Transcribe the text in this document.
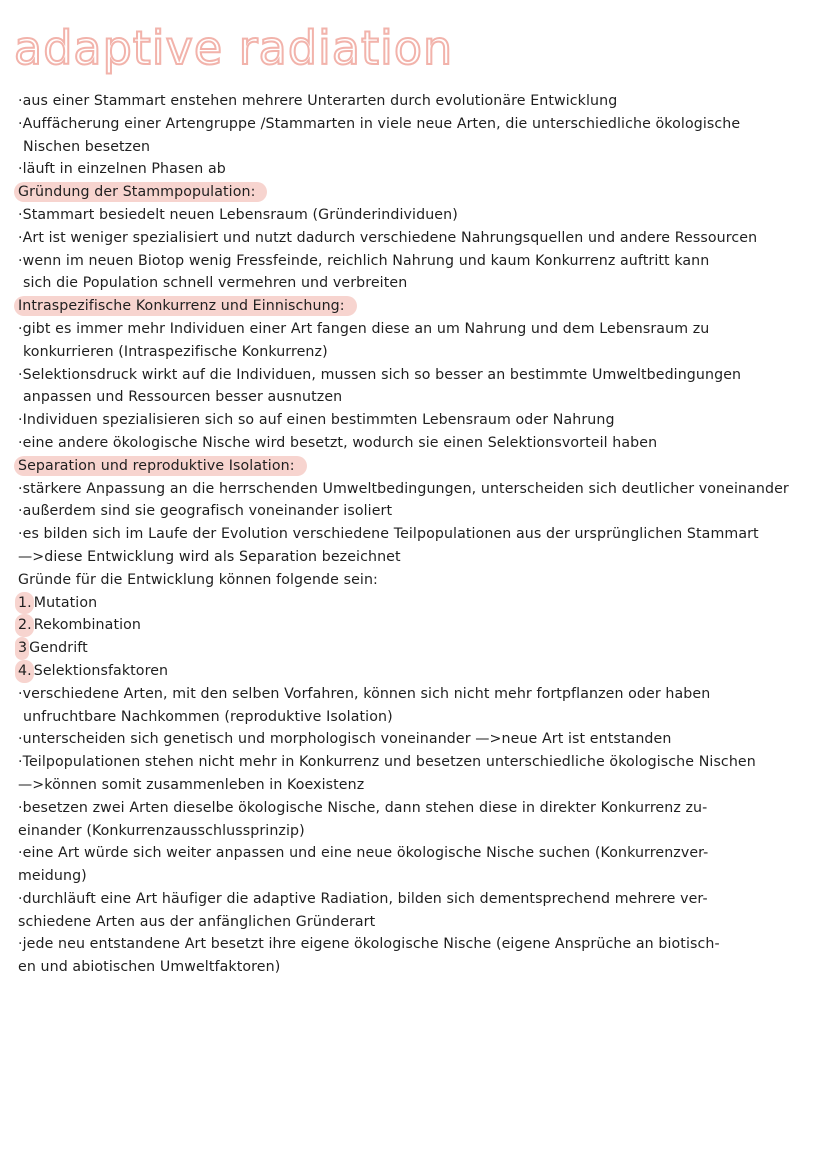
adaptive radiation
·aus einer Stammart enstehen mehrere Unterarten durch evolutionäre Entwicklung
·Auffächerung einer Artengruppe /Stammarten in viele neue Arten, die unterschiedliche ökologische
Nischen besetzen
·läuft in einzelnen Phasen ab
Gründung der Stammpopulation:
·Stammart besiedelt neuen Lebensraum (Gründerindividuen)
·Art ist weniger spezialisiert und nutzt dadurch verschiedene Nahrungsquellen und andere Ressourcen
·wenn im neuen Biotop wenig Fressfeinde, reichlich Nahrung und kaum Konkurrenz auftritt kann
sich die Population schnell vermehren und verbreiten
Intraspezifische Konkurrenz und Einnischung:
·gibt es immer mehr Individuen einer Art fangen diese an um Nahrung und dem Lebensraum zu
konkurrieren (Intraspezifische Konkurrenz)
·Selektionsdruck wirkt auf die Individuen, mussen sich so besser an bestimmte Umweltbedingungen
anpassen und Ressourcen besser ausnutzen
·Individuen spezialisieren sich so auf einen bestimmten Lebensraum oder Nahrung
·eine andere ökologische Nische wird besetzt, wodurch sie einen Selektionsvorteil haben
Separation und reproduktive Isolation:
·stärkere Anpassung an die herrschenden Umweltbedingungen, unterscheiden sich deutlicher voneinander
·außerdem sind sie geografisch voneinander isoliert
·es bilden sich im Laufe der Evolution verschiedene Teilpopulationen aus der ursprünglichen Stammart
—>diese Entwicklung wird als Separation bezeichnet
Gründe für die Entwicklung können folgende sein:
1. Mutation
2. Rekombination
3 Gendrift
4. Selektionsfaktoren
·verschiedene Arten, mit den selben Vorfahren, können sich nicht mehr fortpflanzen oder haben
unfruchtbare Nachkommen (reproduktive Isolation)
·unterscheiden sich genetisch und morphologisch voneinander —>neue Art ist entstanden
·Teilpopulationen stehen nicht mehr in Konkurrenz und besetzen unterschiedliche ökologische Nischen
—>können somit zusammenleben in Koexistenz
·besetzen zwei Arten dieselbe ökologische Nische, dann stehen diese in direkter Konkurrenz zu-
einander (Konkurrenzausschlussprinzip)
·eine Art würde sich weiter anpassen und eine neue ökologische Nische suchen (Konkurrenzver-
meidung)
·durchläuft eine Art häufiger die adaptive Radiation, bilden sich dementsprechend mehrere ver-
schiedene Arten aus der anfänglichen Gründerart
·jede neu entstandene Art besetzt ihre eigene ökologische Nische (eigene Ansprüche an biotisch-
en und abiotischen Umweltfaktoren)
